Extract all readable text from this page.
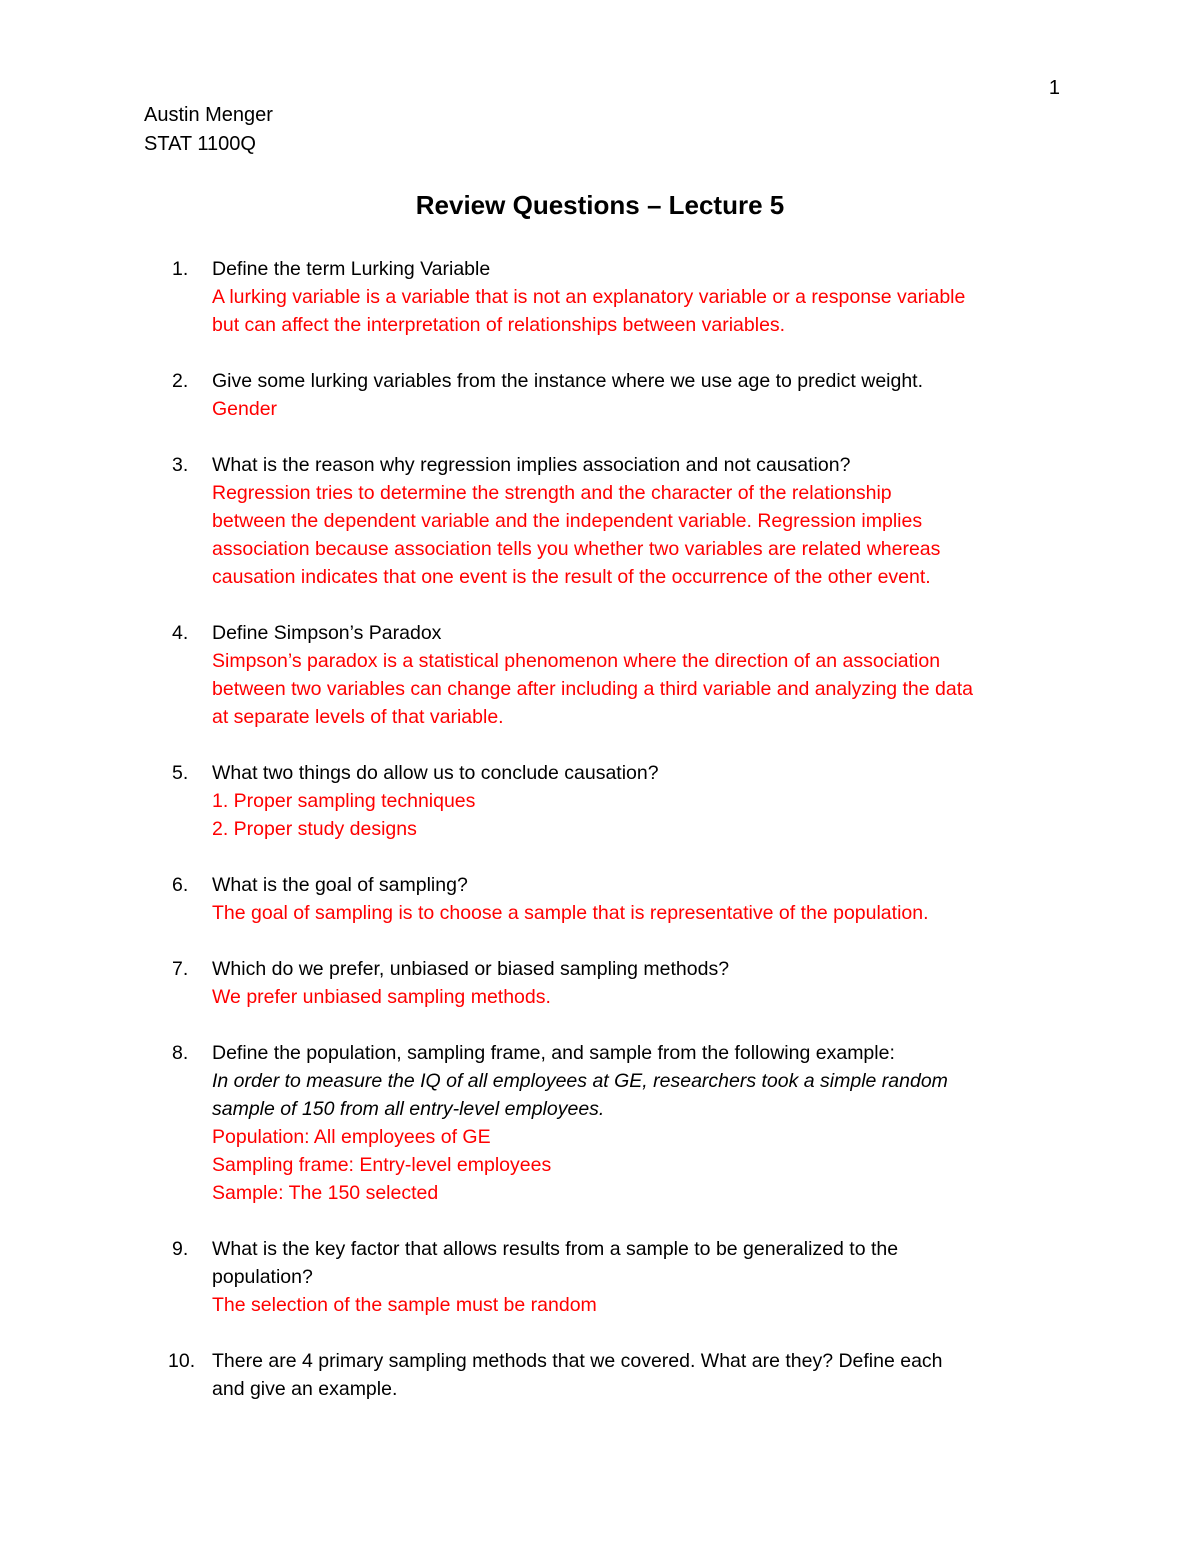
1
Austin Menger
STAT 1100Q
Review Questions – Lecture 5
1. Define the term Lurking Variable
A lurking variable is a variable that is not an explanatory variable or a response variable
but can affect the interpretation of relationships between variables.
2. Give some lurking variables from the instance where we use age to predict weight.
Gender
3. What is the reason why regression implies association and not causation?
Regression tries to determine the strength and the character of the relationship
between the dependent variable and the independent variable. Regression implies
association because association tells you whether two variables are related whereas
causation indicates that one event is the result of the occurrence of the other event.
4. Define Simpson’s Paradox
Simpson’s paradox is a statistical phenomenon where the direction of an association
between two variables can change after including a third variable and analyzing the data
at separate levels of that variable.
5. What two things do allow us to conclude causation?
1. Proper sampling techniques
2. Proper study designs
6. What is the goal of sampling?
The goal of sampling is to choose a sample that is representative of the population.
7. Which do we prefer, unbiased or biased sampling methods?
We prefer unbiased sampling methods.
8. Define the population, sampling frame, and sample from the following example:
In order to measure the IQ of all employees at GE, researchers took a simple random
sample of 150 from all entry-level employees.
Population: All employees of GE
Sampling frame: Entry-level employees
Sample: The 150 selected
9. What is the key factor that allows results from a sample to be generalized to the
population?
The selection of the sample must be random
10. There are 4 primary sampling methods that we covered. What are they? Define each
and give an example.
